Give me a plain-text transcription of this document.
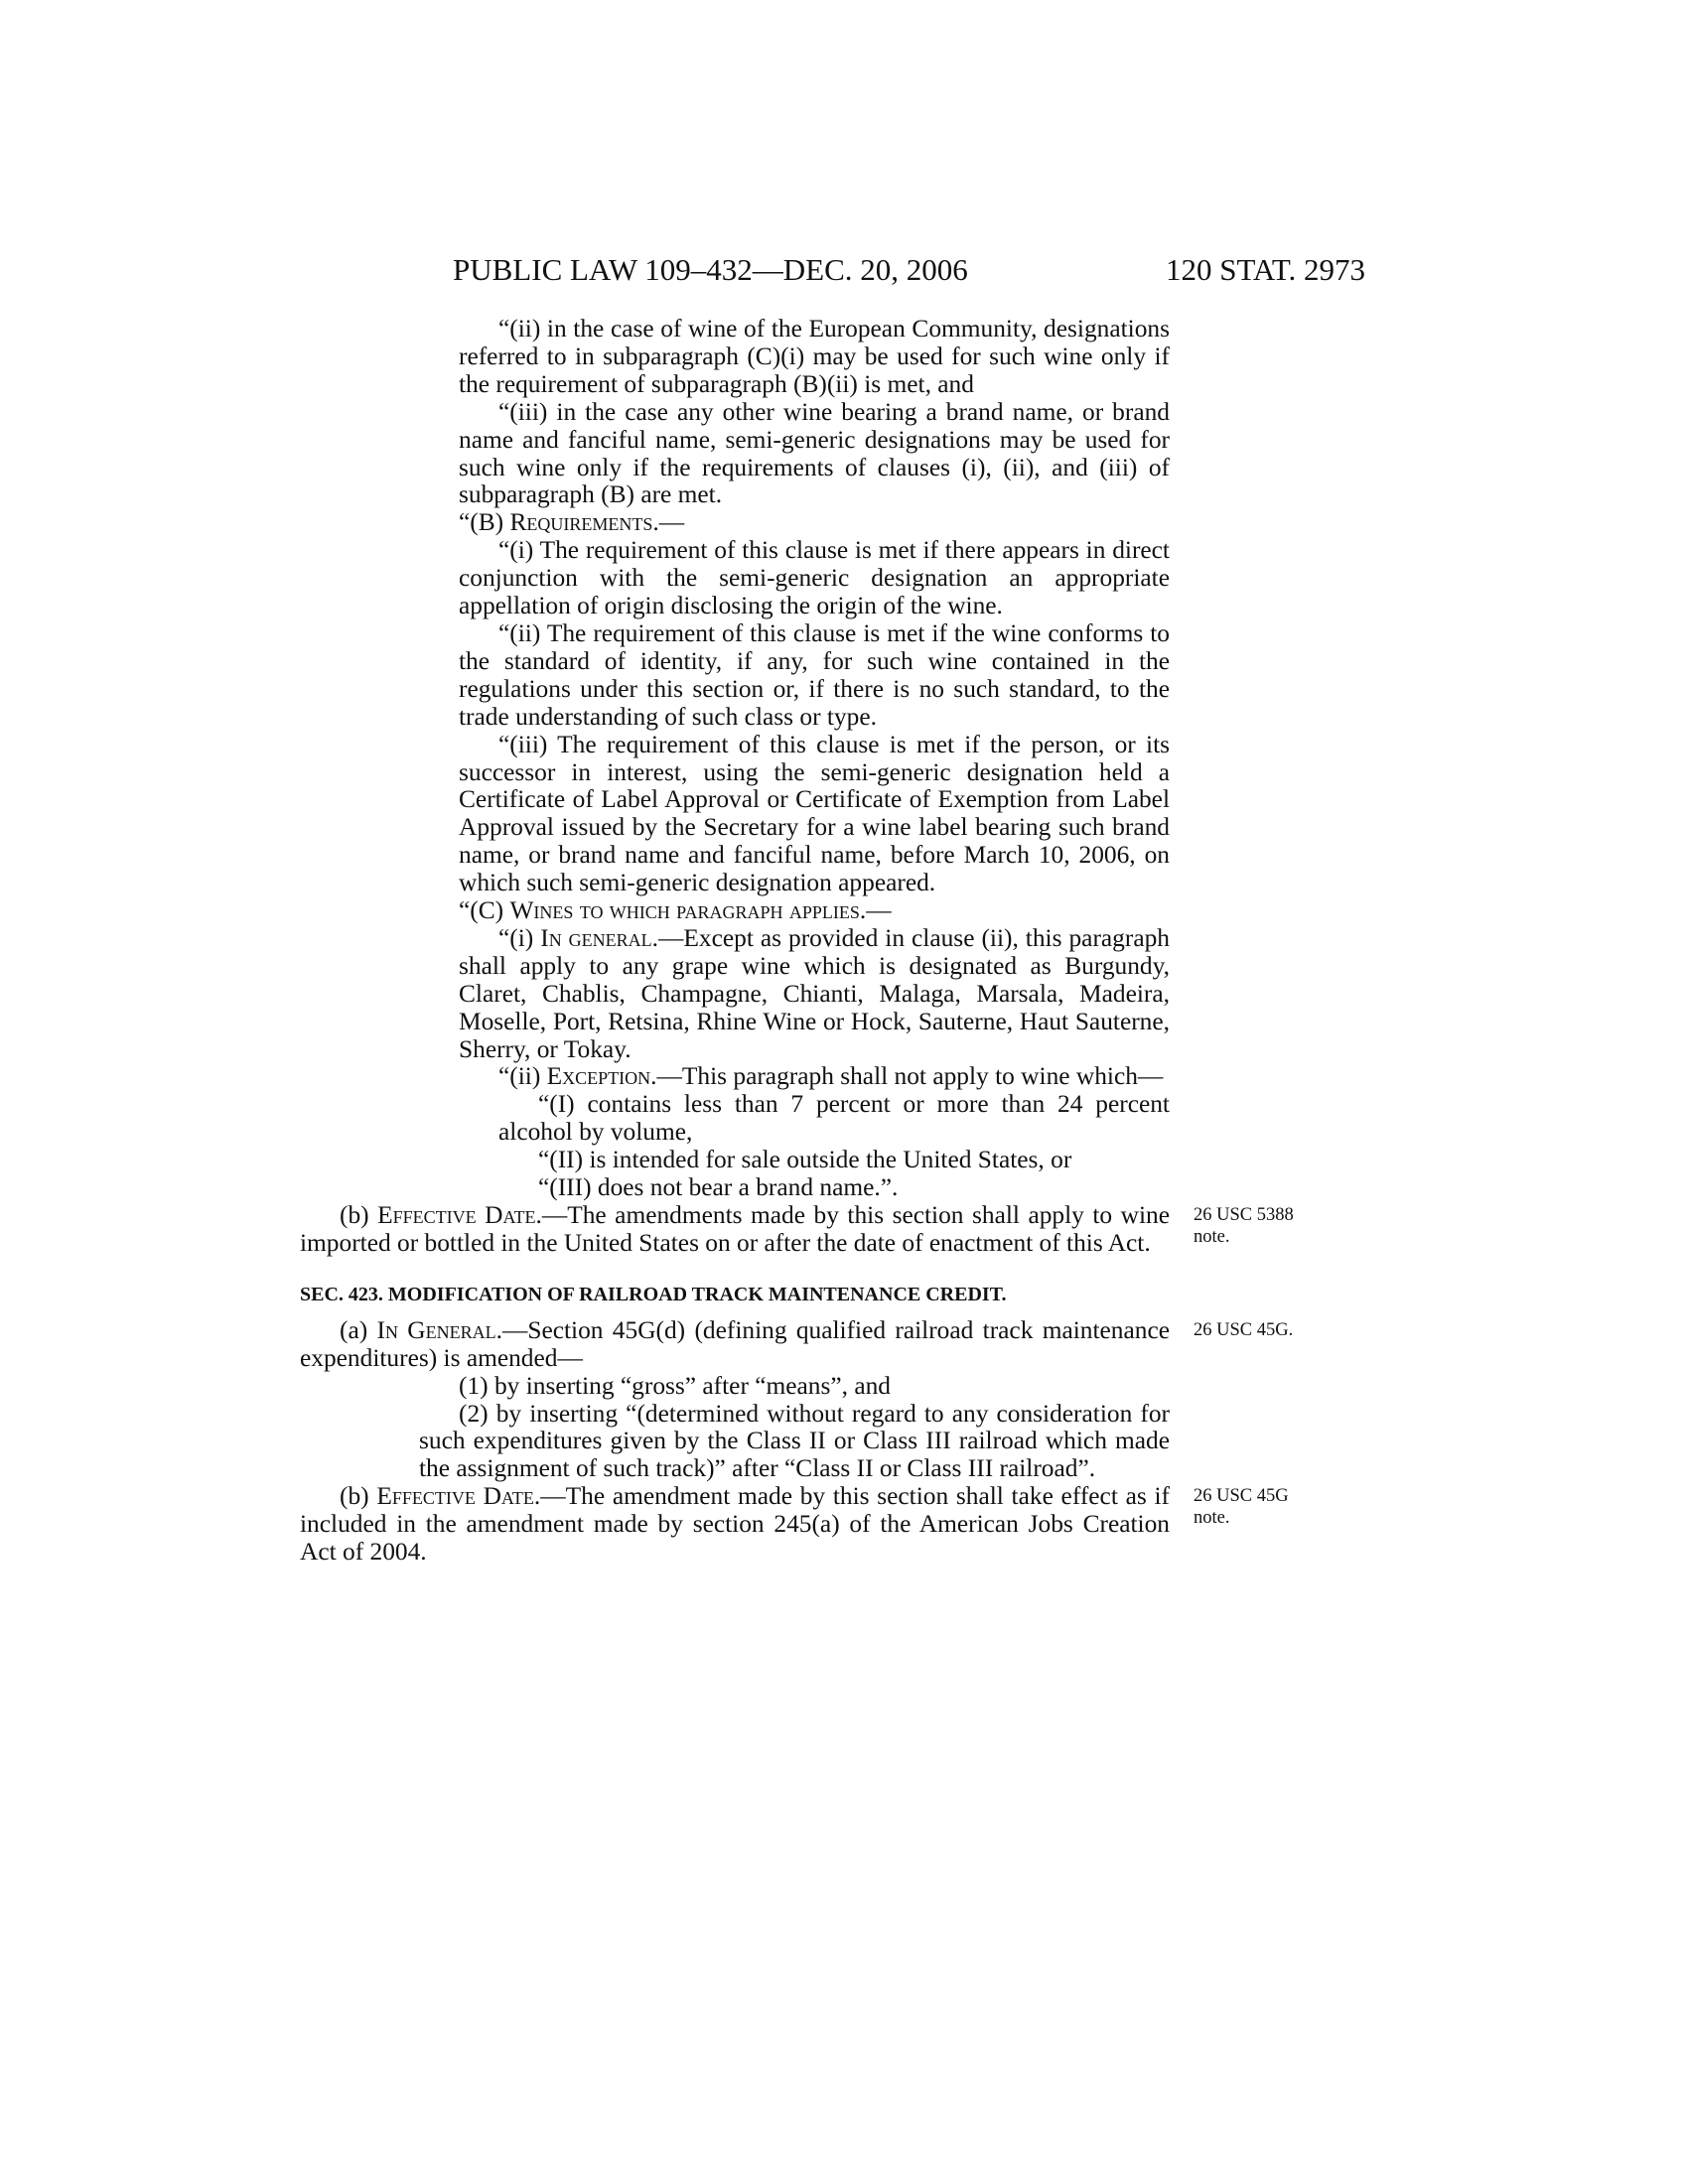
PUBLIC LAW 109–432—DEC. 20, 2006	120 STAT. 2973

“(ii) in the case of wine of the European Community, designations referred to in subparagraph (C)(i) may be used for such wine only if the requirement of subparagraph (B)(ii) is met, and

“(iii) in the case any other wine bearing a brand name, or brand name and fanciful name, semi-generic designations may be used for such wine only if the requirements of clauses (i), (ii), and (iii) of subparagraph (B) are met.

“(B) Requirements.—

“(i) The requirement of this clause is met if there appears in direct conjunction with the semi-generic designation an appropriate appellation of origin disclosing the origin of the wine.

“(ii) The requirement of this clause is met if the wine conforms to the standard of identity, if any, for such wine contained in the regulations under this section or, if there is no such standard, to the trade understanding of such class or type.

“(iii) The requirement of this clause is met if the person, or its successor in interest, using the semi-generic designation held a Certificate of Label Approval or Certificate of Exemption from Label Approval issued by the Secretary for a wine label bearing such brand name, or brand name and fanciful name, before March 10, 2006, on which such semi-generic designation appeared.

“(C) Wines to which paragraph applies.—

“(i) In general.—Except as provided in clause (ii), this paragraph shall apply to any grape wine which is designated as Burgundy, Claret, Chablis, Champagne, Chianti, Malaga, Marsala, Madeira, Moselle, Port, Retsina, Rhine Wine or Hock, Sauterne, Haut Sauterne, Sherry, or Tokay.

“(ii) Exception.—This paragraph shall not apply to wine which—

“(I) contains less than 7 percent or more than 24 percent alcohol by volume,

“(II) is intended for sale outside the United States, or

“(III) does not bear a brand name.”.

(b) Effective Date.—The amendments made by this section shall apply to wine imported or bottled in the United States on or after the date of enactment of this Act.

26 USC 5388
note.
SEC. 423. MODIFICATION OF RAILROAD TRACK MAINTENANCE CREDIT.

(a) In General.—Section 45G(d) (defining qualified railroad track maintenance expenditures) is amended—

26 USC 45G.

(1) by inserting “gross” after “means”, and

(2) by inserting “(determined without regard to any consideration for such expenditures given by the Class II or Class III railroad which made the assignment of such track)” after “Class II or Class III railroad”.

(b) Effective Date.—The amendment made by this section shall take effect as if included in the amendment made by section 245(a) of the American Jobs Creation Act of 2004.

26 USC 45G
note.
